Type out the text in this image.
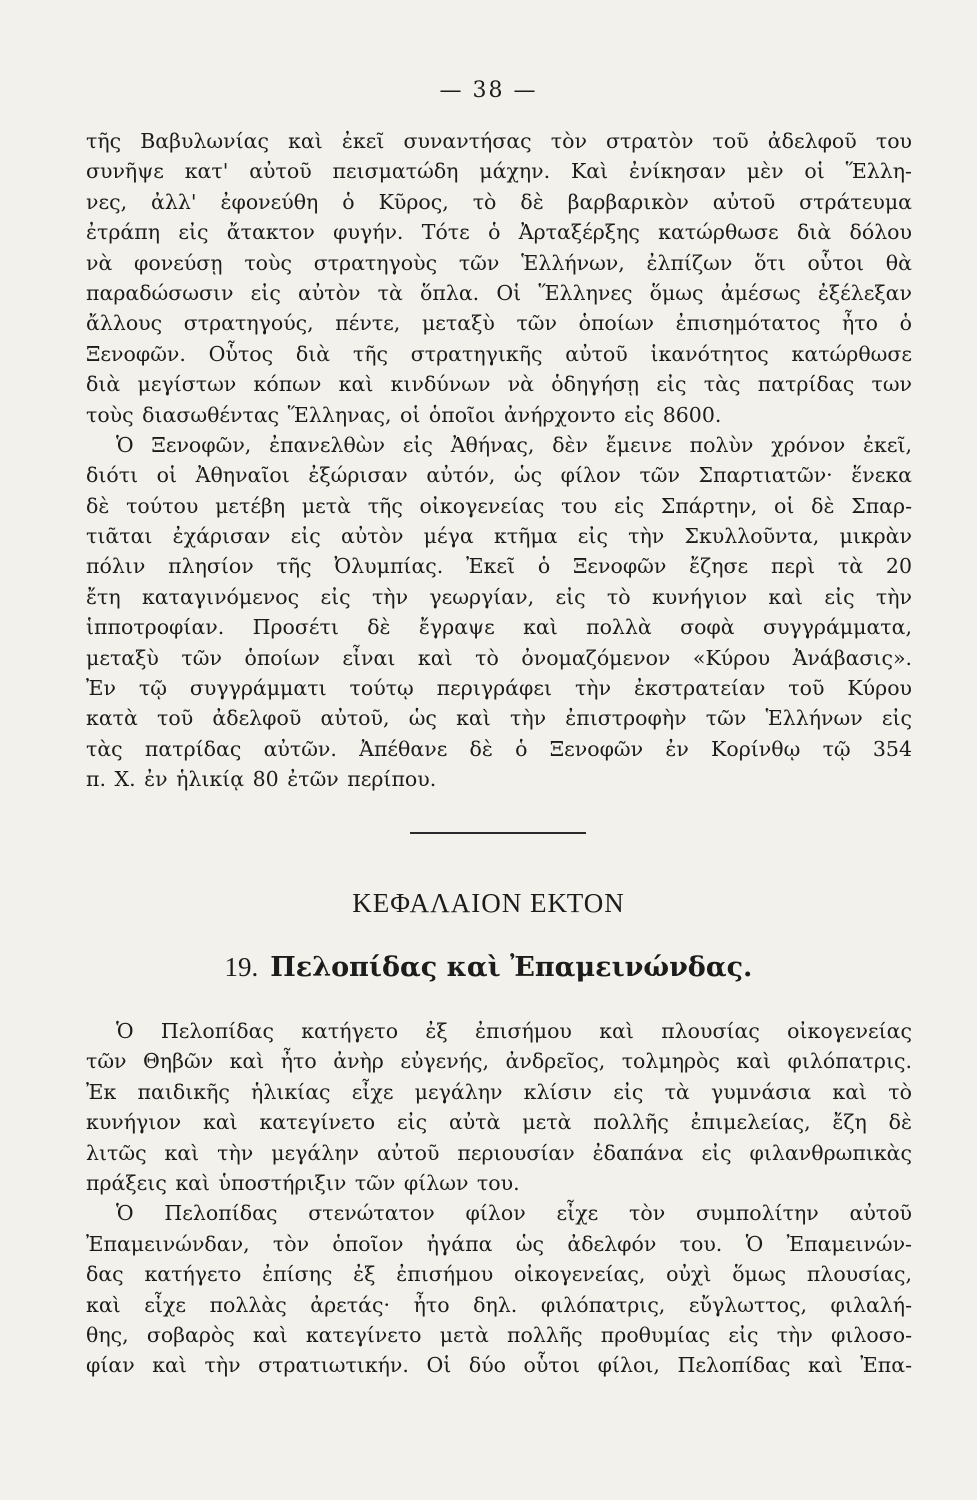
— 38 —
τῆς Βαβυλωνίας καὶ ἐκεῖ συναντήσας τὸν στρατὸν τοῦ ἀδελφοῦ του
συνῆψε κατ' αὐτοῦ πεισματώδη μάχην. Καὶ ἐνίκησαν μὲν οἱ Ἕλλη-
νες, ἀλλ' ἐφονεύθη ὁ Κῦρος, τὸ δὲ βαρβαρικὸν αὐτοῦ στράτευμα
ἐτράπη εἰς ἄτακτον φυγήν. Τότε ὁ Ἀρταξέρξης κατώρθωσε διὰ δόλου
νὰ φονεύσῃ τοὺς στρατηγοὺς τῶν Ἑλλήνων, ἐλπίζων ὅτι οὗτοι θὰ
παραδώσωσιν εἰς αὐτὸν τὰ ὅπλα. Οἱ Ἕλληνες ὅμως ἀμέσως ἐξέλεξαν
ἄλλους στρατηγούς, πέντε, μεταξὺ τῶν ὁποίων ἐπισημότατος ἦτο ὁ
Ξενοφῶν. Οὗτος διὰ τῆς στρατηγικῆς αὐτοῦ ἱκανότητος κατώρθωσε
διὰ μεγίστων κόπων καὶ κινδύνων νὰ ὁδηγήσῃ εἰς τὰς πατρίδας των
τοὺς διασωθέντας Ἕλληνας, οἱ ὁποῖοι ἀνήρχοντο εἰς 8600.
Ὁ Ξενοφῶν, ἐπανελθὼν εἰς Ἀθήνας, δὲν ἔμεινε πολὺν χρόνον ἐκεῖ,
διότι οἱ Ἀθηναῖοι ἐξώρισαν αὐτόν, ὡς φίλον τῶν Σπαρτιατῶν· ἕνεκα
δὲ τούτου μετέβη μετὰ τῆς οἰκογενείας του εἰς Σπάρτην, οἱ δὲ Σπαρ-
τιᾶται ἐχάρισαν εἰς αὐτὸν μέγα κτῆμα εἰς τὴν Σκυλλοῦντα, μικρὰν
πόλιν πλησίον τῆς Ὀλυμπίας. Ἐκεῖ ὁ Ξενοφῶν ἔζησε περὶ τὰ 20
ἔτη καταγινόμενος εἰς τὴν γεωργίαν, εἰς τὸ κυνήγιον καὶ εἰς τὴν
ἱπποτροφίαν. Προσέτι δὲ ἔγραψε καὶ πολλὰ σοφὰ συγγράμματα,
μεταξὺ τῶν ὁποίων εἶναι καὶ τὸ ὀνομαζόμενον «Κύρου Ἀνάβασις».
Ἐν τῷ συγγράμματι τούτῳ περιγράφει τὴν ἐκστρατείαν τοῦ Κύρου
κατὰ τοῦ ἀδελφοῦ αὐτοῦ, ὡς καὶ τὴν ἐπιστροφὴν τῶν Ἑλλήνων εἰς
τὰς πατρίδας αὐτῶν. Ἀπέθανε δὲ ὁ Ξενοφῶν ἐν Κορίνθῳ τῷ 354
π. Χ. ἐν ἡλικίᾳ 80 ἐτῶν περίπου.
ΚΕΦΑΛΑΙΟΝ ΕΚΤΟΝ
19. Πελοπίδας καὶ Ἐπαμεινώνδας.
Ὁ Πελοπίδας κατήγετο ἐξ ἐπισήμου καὶ πλουσίας οἰκογενείας
τῶν Θηβῶν καὶ ἦτο ἀνὴρ εὐγενής, ἀνδρεῖος, τολμηρὸς καὶ φιλόπατρις.
Ἐκ παιδικῆς ἡλικίας εἶχε μεγάλην κλίσιν εἰς τὰ γυμνάσια καὶ τὸ
κυνήγιον καὶ κατεγίνετο εἰς αὐτὰ μετὰ πολλῆς ἐπιμελείας, ἔζη δὲ
λιτῶς καὶ τὴν μεγάλην αὐτοῦ περιουσίαν ἐδαπάνα εἰς φιλανθρωπικὰς
πράξεις καὶ ὑποστήριξιν τῶν φίλων του.
Ὁ Πελοπίδας στενώτατον φίλον εἶχε τὸν συμπολίτην αὐτοῦ
Ἐπαμεινώνδαν, τὸν ὁποῖον ἠγάπα ὡς ἀδελφόν του. Ὁ Ἐπαμεινών-
δας κατήγετο ἐπίσης ἐξ ἐπισήμου οἰκογενείας, οὐχὶ ὅμως πλουσίας,
καὶ εἶχε πολλὰς ἀρετάς· ἦτο δηλ. φιλόπατρις, εὔγλωττος, φιλαλή-
θης, σοβαρὸς καὶ κατεγίνετο μετὰ πολλῆς προθυμίας εἰς τὴν φιλοσο-
φίαν καὶ τὴν στρατιωτικήν. Οἱ δύο οὗτοι φίλοι, Πελοπίδας καὶ Ἐπα-
